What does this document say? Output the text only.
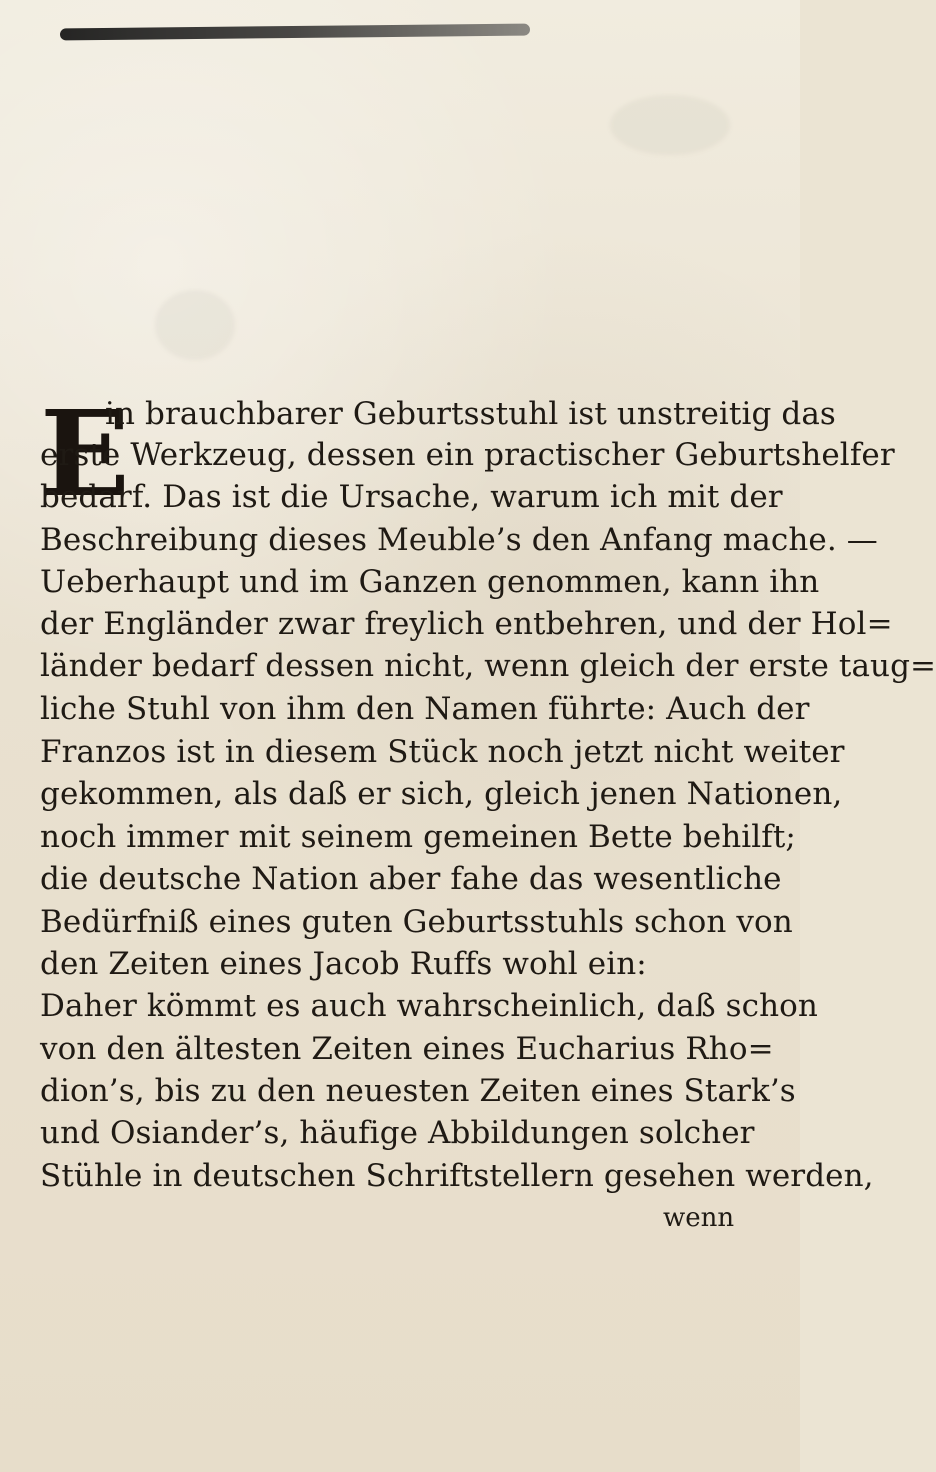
E
in brauchbarer Geburtsstuhl ist unstreitig das
erste Werkzeug, dessen ein practischer Geburtshelfer
bedarf. Das ist die Ursache, warum ich mit der
Beschreibung dieses Meuble’s den Anfang mache. —
Ueberhaupt und im Ganzen genommen, kann ihn
der Engländer zwar freylich entbehren, und der Hol=
länder bedarf dessen nicht, wenn gleich der erste taug=
liche Stuhl von ihm den Namen führte: Auch der
Franzos ist in diesem Stück noch jetzt nicht weiter
gekommen, als daß er sich, gleich jenen Nationen,
noch immer mit seinem gemeinen Bette behilft;
die deutsche Nation aber fahe das wesentliche
Bedürfniß eines guten Geburtsstuhls schon von
den Zeiten eines Jacob Ruffs wohl ein:
Daher kömmt es auch wahrscheinlich, daß schon
von den ältesten Zeiten eines Eucharius Rho=
dion’s, bis zu den neuesten Zeiten eines Stark’s
und Osiander’s, häufige Abbildungen solcher
Stühle in deutschen Schriftstellern gesehen werden,
wenn
